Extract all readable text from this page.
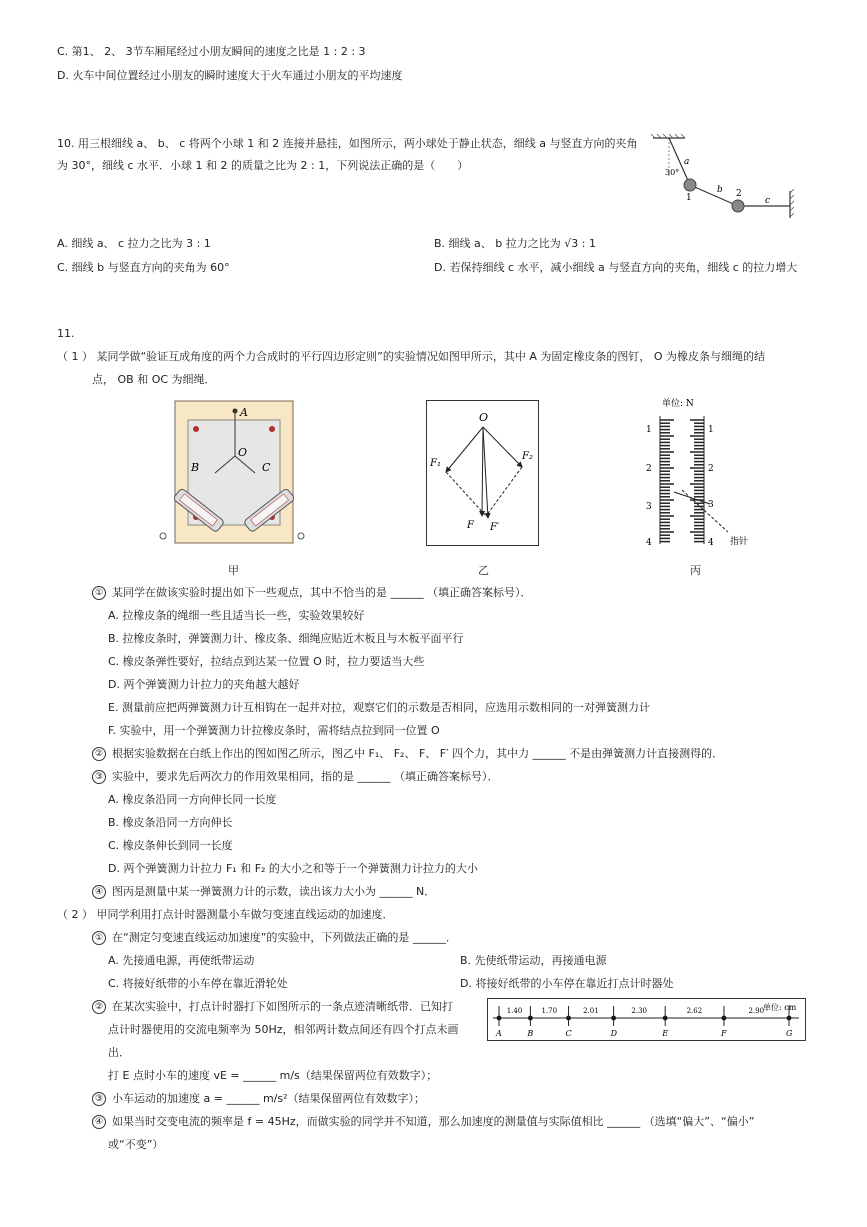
C. 第1、 2、 3节车厢尾经过小朋友瞬间的速度之比是 1 : 2 : 3
D. 火车中间位置经过小朋友的瞬时速度大于火车通过小朋友的平均速度
10. 用三根细线 a、 b、 c 将两个小球 1 和 2 连接并悬挂，如图所示，两小球处于静止状态，细线 a 与竖直方向的夹角
为 30°，细线 c 水平．小球 1 和 2 的质量之比为 2 : 1，下列说法正确的是（　　）	a
30°
b
1	2
c
A. 细线 a、 c 拉力之比为 3 : 1	B. 细线 a、 b 拉力之比为 √3 : 1
C. 细线 b 与竖直方向的夹角为 60°	D. 若保持细线 c 水平，减小细线 a 与竖直方向的夹角，细线 c 的拉力增大
11.
（ 1 ） 某同学做“验证互成角度的两个力合成时的平行四边形定则”的实验情况如图甲所示，其中 A 为固定橡皮条的图钉， O 为橡皮条与细绳的结
点， OB 和 OC 为细绳．
A
O
B	C
甲
O
F₁
F₂
F F′
乙
单位: N
1
2
3
4
1
2
3
4 指针
丙
① 某同学在做该实验时提出如下一些观点，其中不恰当的是 ______ （填正确答案标号）．
A. 拉橡皮条的绳细一些且适当长一些，实验效果较好
B. 拉橡皮条时，弹簧测力计、橡皮条、细绳应贴近木板且与木板平面平行
C. 橡皮条弹性要好，拉结点到达某一位置 O 时，拉力要适当大些
D. 两个弹簧测力计拉力的夹角越大越好
E. 测量前应把两弹簧测力计互相钩在一起并对拉，观察它们的示数是否相同，应选用示数相同的一对弹簧测力计
F. 实验中，用一个弹簧测力计拉橡皮条时，需将结点拉到同一位置 O
② 根据实验数据在白纸上作出的图如图乙所示，图乙中 F₁、 F₂、 F、 F′ 四个力，其中力 ______ 不是由弹簧测力计直接测得的．
③ 实验中，要求先后两次力的作用效果相同，指的是 ______ （填正确答案标号）．
A. 橡皮条沿同一方向伸长同一长度
B. 橡皮条沿同一方向伸长
C. 橡皮条伸长到同一长度
D. 两个弹簧测力计拉力 F₁ 和 F₂ 的大小之和等于一个弹簧测力计拉力的大小
④ 图丙是测量中某一弹簧测力计的示数，读出该力大小为 ______ N．
（ 2 ） 甲同学利用打点计时器测量小车做匀变速直线运动的加速度．
① 在“测定匀变速直线运动加速度”的实验中，下列做法正确的是 ______．
A. 先接通电源，再使纸带运动	B. 先使纸带运动，再接通电源
C. 将接好纸带的小车停在靠近滑轮处	D. 将接好纸带的小车停在靠近打点计时器处
② 在某次实验中，打点计时器打下如图所示的一条点迹清晰纸带．已知打
点计时器使用的交流电频率为 50Hz，相邻两计数点间还有四个打点未画
出．
打 E 点时小车的速度 vE = ______ m/s（结果保留两位有效数字）；
A	B	C	D	E	F	G
1.40	1.70	2.01	2.30	2.62	2.90
单位: cm
③ 小车运动的加速度 a = ______ m/s²（结果保留两位有效数字）；
④ 如果当时交变电流的频率是 f = 45Hz，而做实验的同学并不知道，那么加速度的测量值与实际值相比 ______ （选填“偏大”、“偏小”
或“不变”）
